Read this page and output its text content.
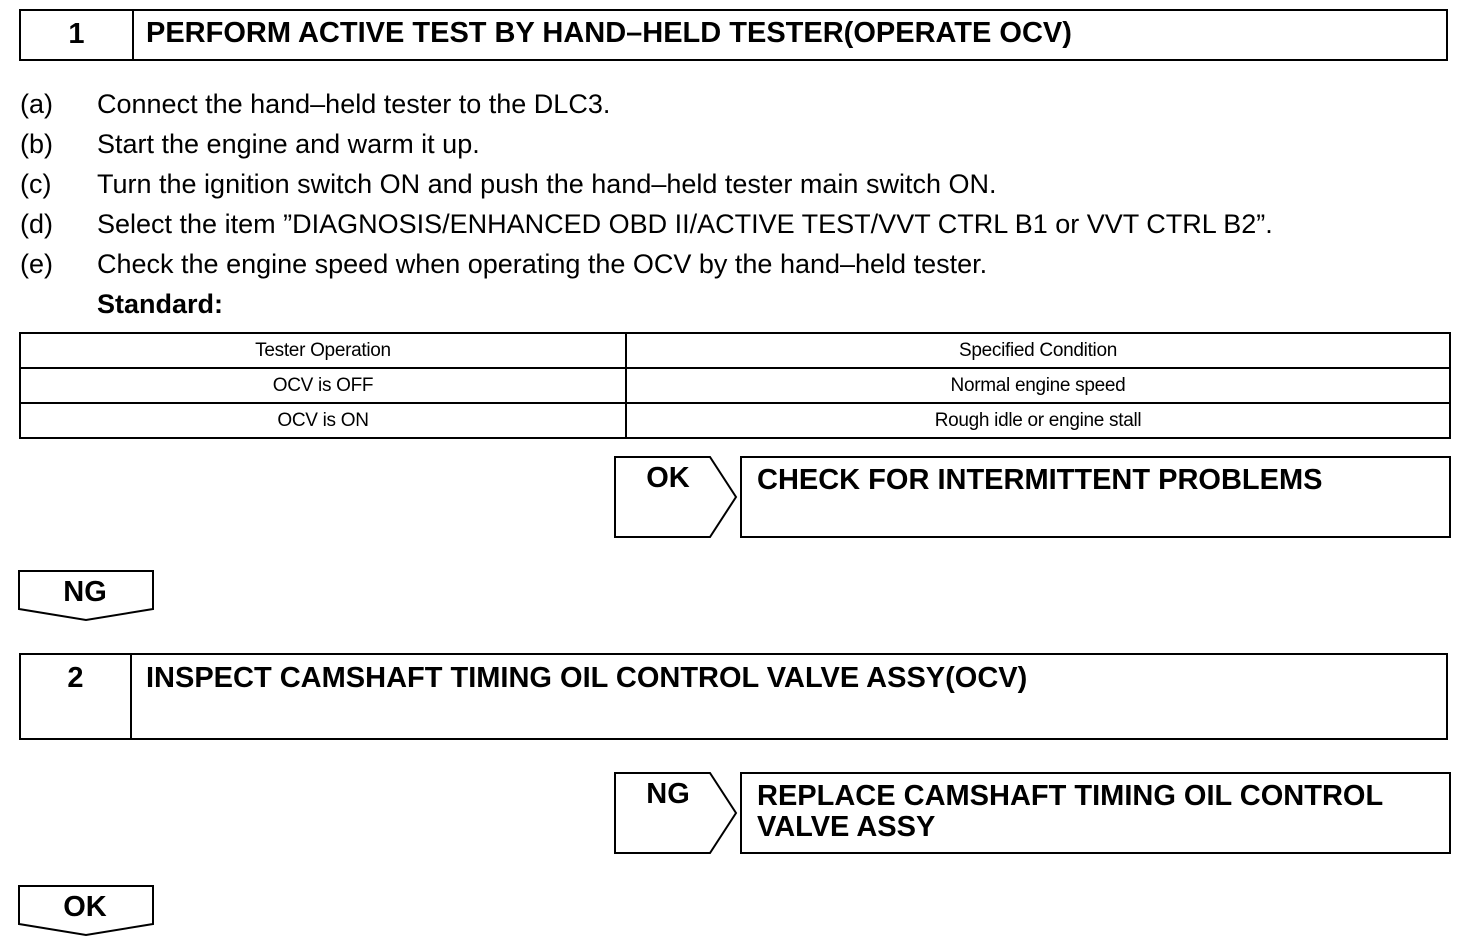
1	PERFORM ACTIVE TEST BY HAND–HELD TESTER(OPERATE OCV)
(a) Connect the hand–held tester to the DLC3.
(b) Start the engine and warm it up.
(c) Turn the ignition switch ON and push the hand–held tester main switch ON.
(d) Select the item ”DIAGNOSIS/ENHANCED OBD II/ACTIVE TEST/VVT CTRL B1 or VVT CTRL B2”.
(e) Check the engine speed when operating the OCV by the hand–held tester.
Standard:
Tester Operation	Specified Condition
OCV is OFF	Normal engine speed
OCV is ON	Rough idle or engine stall
OK	CHECK FOR INTERMITTENT PROBLEMS
NG
2	INSPECT CAMSHAFT TIMING OIL CONTROL VALVE ASSY(OCV)
NG	REPLACE CAMSHAFT TIMING OIL CONTROL
VALVE ASSY
OK
